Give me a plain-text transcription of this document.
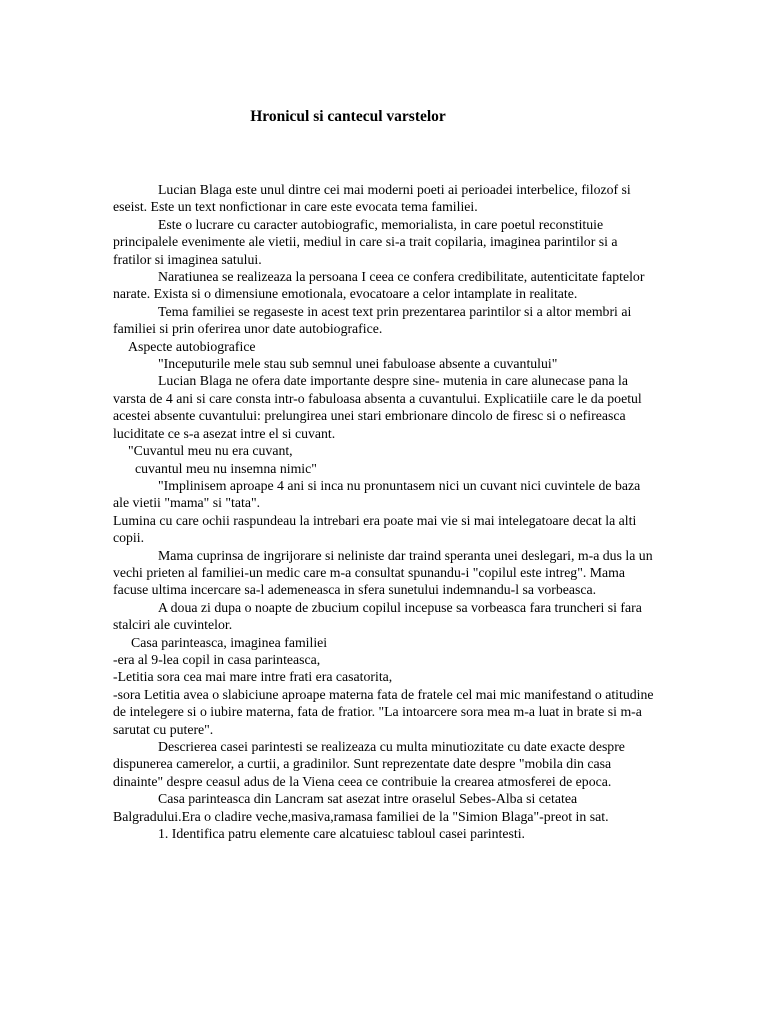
Hronicul si cantecul varstelor

Lucian Blaga este unul dintre cei mai moderni poeti ai perioadei interbelice, filozof si eseist. Este un text nonfictionar in care este evocata tema familiei.

Este o lucrare cu caracter autobiografic, memorialista, in care poetul reconstituie principalele evenimente ale vietii, mediul in care si-a trait copilaria, imaginea parintilor si a fratilor si imaginea satului.

Naratiunea se realizeaza la persoana I ceea ce confera credibilitate, autenticitate faptelor narate. Exista si o dimensiune emotionala, evocatoare a celor intamplate in realitate.

Tema familiei se regaseste in acest text prin prezentarea parintilor si a altor membri ai familiei si prin oferirea unor date autobiografice.

Aspecte autobiografice

"Inceputurile mele stau sub semnul unei fabuloase absente a cuvantului"

Lucian Blaga ne ofera date importante despre sine- mutenia in care alunecase pana la varsta de 4 ani si care consta intr-o fabuloasa absenta a cuvantului. Explicatiile care le da poetul acestei absente cuvantului: prelungirea unei stari embrionare dincolo de firesc si o nefireasca luciditate ce s-a asezat intre el si cuvant.

"Cuvantul meu nu era cuvant,

cuvantul meu nu insemna nimic"

"Implinisem aproape 4 ani si inca nu pronuntasem nici un cuvant nici cuvintele de baza ale vietii "mama" si "tata".

Lumina cu care ochii raspundeau la intrebari era poate mai vie si mai intelegatoare decat la alti copii.

Mama cuprinsa de ingrijorare si neliniste dar traind speranta unei deslegari, m-a dus la un vechi prieten al familiei-un medic care m-a consultat spunandu-i "copilul este intreg". Mama facuse ultima incercare sa-l ademeneasca in sfera sunetului indemnandu-l sa vorbeasca.

A doua zi dupa o noapte de zbucium copilul incepuse sa vorbeasca fara truncheri si fara stalciri ale cuvintelor.

Casa parinteasca, imaginea familiei

-era al 9-lea copil in casa parinteasca,

-Letitia sora cea mai mare intre frati era casatorita,

-sora Letitia avea o slabiciune aproape materna fata de fratele cel mai mic manifestand o atitudine de intelegere si o iubire materna, fata de fratior. "La intoarcere sora mea m-a luat in brate si m-a sarutat cu putere".

Descrierea casei parintesti se realizeaza cu multa minutiozitate cu date exacte despre dispunerea camerelor, a curtii, a gradinilor. Sunt reprezentate date despre "mobila din casa dinainte" despre ceasul adus de la Viena ceea ce contribuie la crearea atmosferei de epoca.

Casa parinteasca din Lancram sat asezat intre oraselul Sebes-Alba si cetatea Balgradului.Era o cladire veche,masiva,ramasa familiei de la "Simion Blaga"-preot in sat.

1. Identifica patru elemente care alcatuiesc tabloul casei parintesti.
